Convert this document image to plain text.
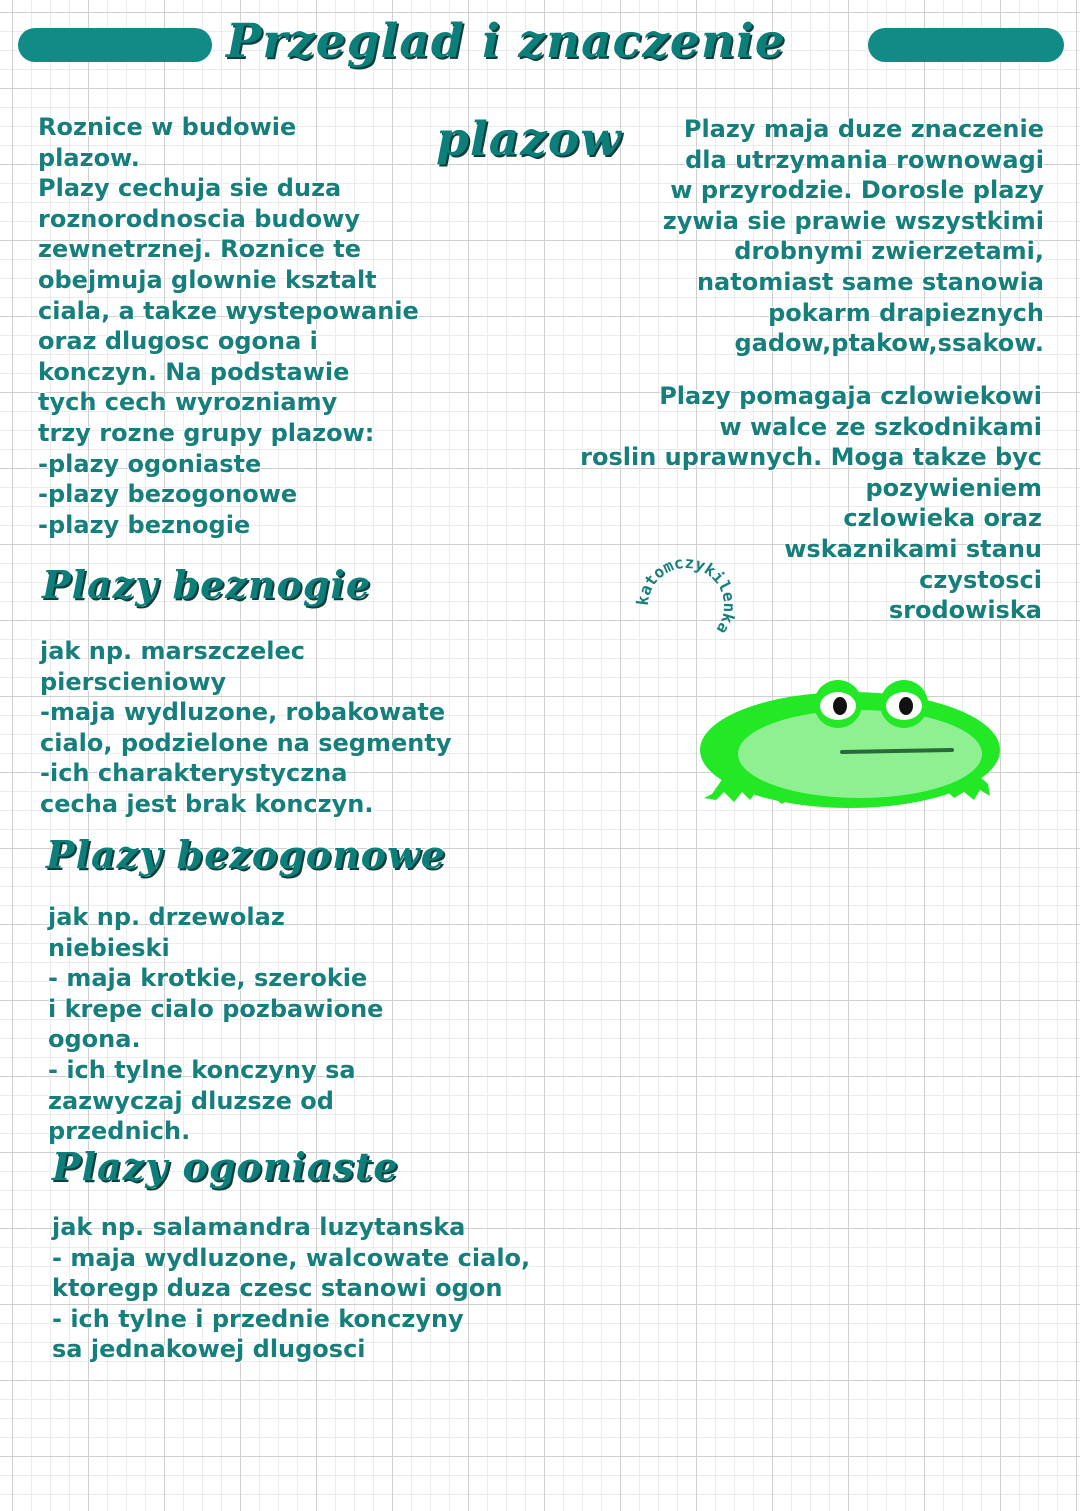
Przeglad i znaczenie
plazow
Roznice w budowie
plazow.
Plazy cechuja sie duza
roznorodnoscia budowy
zewnetrznej. Roznice te
obejmuja glownie ksztalt
ciala, a takze wystepowanie
oraz dlugosc ogona i
konczyn. Na podstawie
tych cech wyrozniamy
trzy rozne grupy plazow:
-plazy ogoniaste
-plazy bezogonowe
-plazy beznogie
Plazy beznogie
jak np. marszczelec
pierscieniowy
-maja wydluzone, robakowate
cialo, podzielone na segmenty
-ich charakterystyczna
cecha jest brak konczyn.
Plazy bezogonowe
jak np. drzewolaz
niebieski
- maja krotkie, szerokie
i krepe cialo pozbawione
ogona.
- ich tylne konczyny sa
zazwyczaj dluzsze od
przednich.
Plazy ogoniaste
jak np. salamandra luzytanska
- maja wydluzone, walcowate cialo,
ktoregp duza czesc stanowi ogon
- ich tylne i przednie konczyny
sa jednakowej dlugosci
Plazy maja duze znaczenie
dla utrzymania rownowagi
w przyrodzie. Dorosle plazy
zywia sie prawie wszystkimi
drobnymi zwierzetami,
natomiast same stanowia
pokarm drapieznych
gadow,ptakow,ssakow.
Plazy pomagaja czlowiekowi
w walce ze szkodnikami
roslin uprawnych. Moga takze byc
pozywieniem
czlowieka oraz
wskaznikami stanu
czystosci
srodowiska
katomczykilenka
